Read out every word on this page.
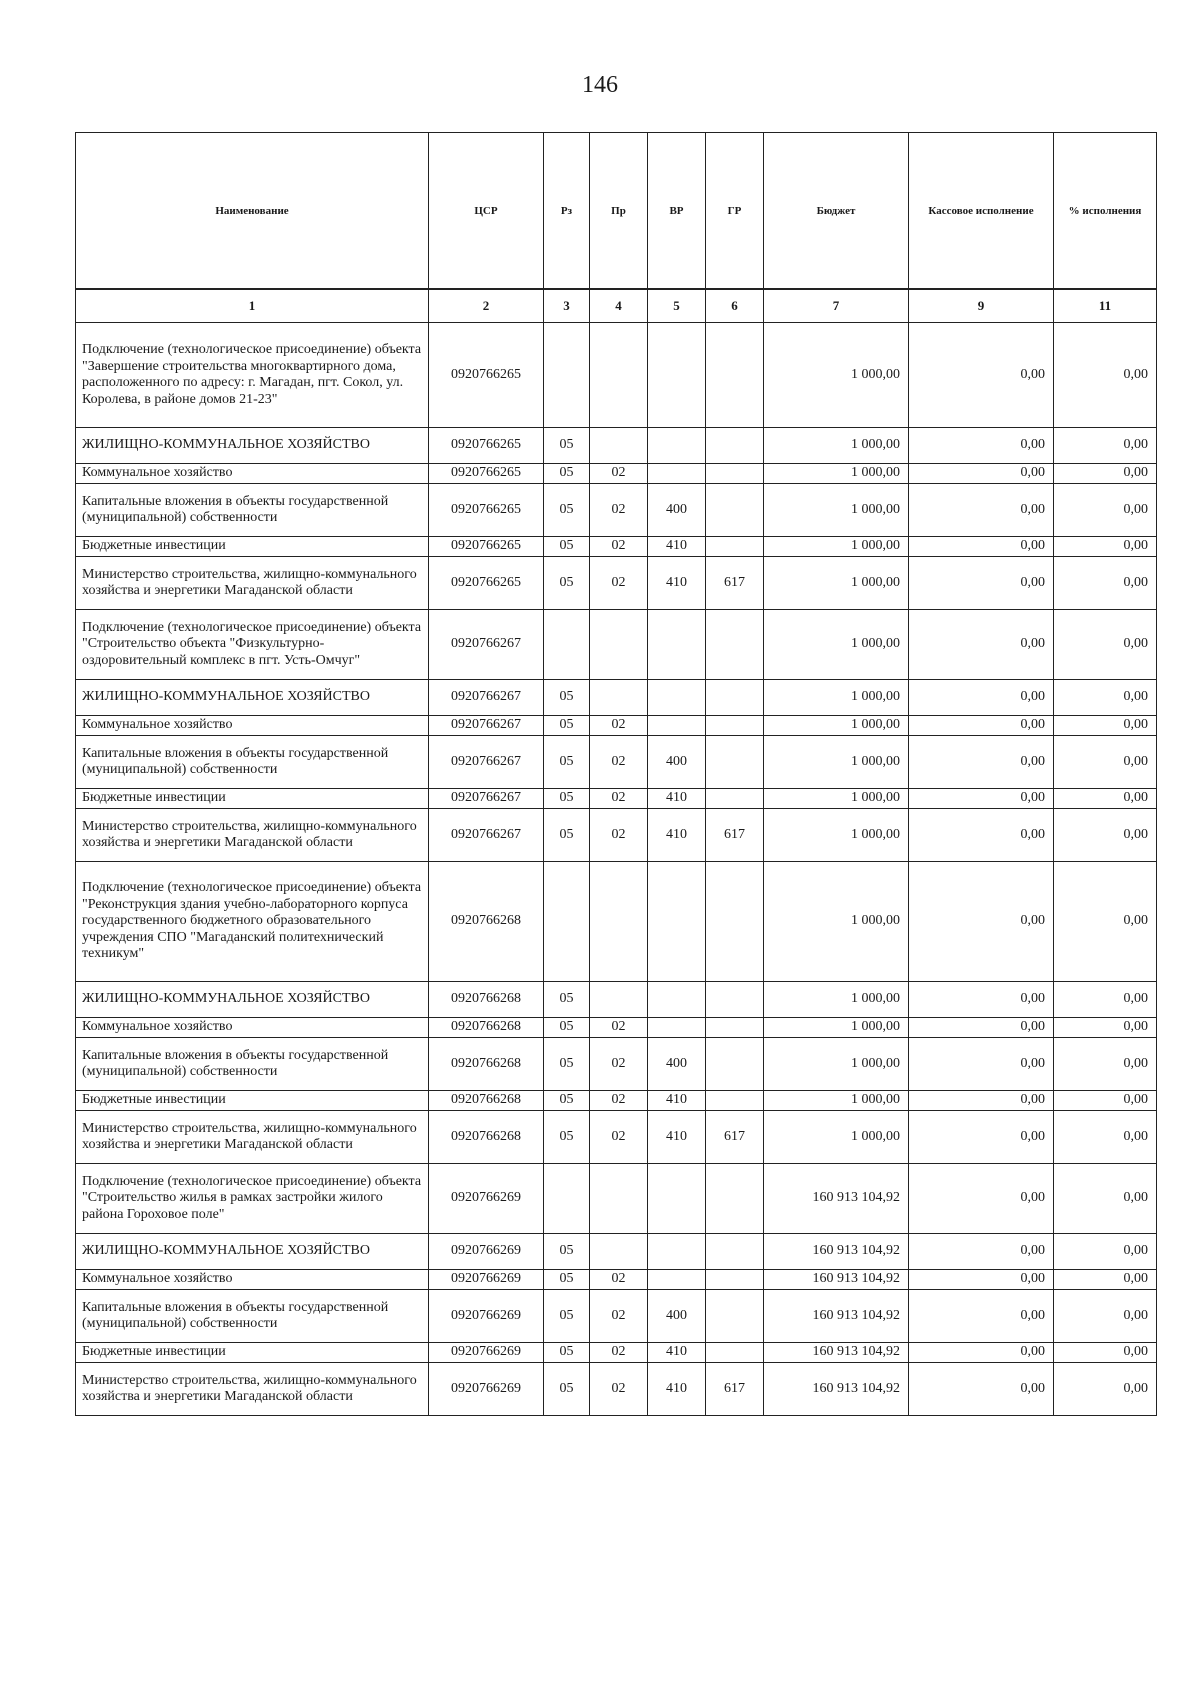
146
Наименование	ЦСР	Рз	Пр	ВР	ГР	Бюджет	Кассовое исполнение	% исполнения
1	2	3	4	5	6	7	9	11
Подключение (технологическое присоединение) объекта "Завершение строительства многоквартирного дома, расположенного по адресу: г. Магадан, пгт. Сокол, ул. Королева, в районе домов 21-23"	0920766265					1 000,00	0,00	0,00
ЖИЛИЩНО-КОММУНАЛЬНОЕ ХОЗЯЙСТВО	0920766265	05				1 000,00	0,00	0,00
Коммунальное хозяйство	0920766265	05	02			1 000,00	0,00	0,00
Капитальные вложения в объекты государственной (муниципальной) собственности	0920766265	05	02	400		1 000,00	0,00	0,00
Бюджетные инвестиции	0920766265	05	02	410		1 000,00	0,00	0,00
Министерство строительства, жилищно-коммунального хозяйства и энергетики Магаданской области	0920766265	05	02	410	617	1 000,00	0,00	0,00
Подключение (технологическое присоединение) объекта "Строительство объекта "Физкультурно-оздоровительный комплекс в пгт. Усть-Омчуг"	0920766267					1 000,00	0,00	0,00
ЖИЛИЩНО-КОММУНАЛЬНОЕ ХОЗЯЙСТВО	0920766267	05				1 000,00	0,00	0,00
Коммунальное хозяйство	0920766267	05	02			1 000,00	0,00	0,00
Капитальные вложения в объекты государственной (муниципальной) собственности	0920766267	05	02	400		1 000,00	0,00	0,00
Бюджетные инвестиции	0920766267	05	02	410		1 000,00	0,00	0,00
Министерство строительства, жилищно-коммунального хозяйства и энергетики Магаданской области	0920766267	05	02	410	617	1 000,00	0,00	0,00
Подключение (технологическое присоединение) объекта "Реконструкция здания учебно-лабораторного корпуса государственного бюджетного образовательного учреждения СПО "Магаданский политехнический техникум"	0920766268					1 000,00	0,00	0,00
ЖИЛИЩНО-КОММУНАЛЬНОЕ ХОЗЯЙСТВО	0920766268	05				1 000,00	0,00	0,00
Коммунальное хозяйство	0920766268	05	02			1 000,00	0,00	0,00
Капитальные вложения в объекты государственной (муниципальной) собственности	0920766268	05	02	400		1 000,00	0,00	0,00
Бюджетные инвестиции	0920766268	05	02	410		1 000,00	0,00	0,00
Министерство строительства, жилищно-коммунального хозяйства и энергетики Магаданской области	0920766268	05	02	410	617	1 000,00	0,00	0,00
Подключение (технологическое присоединение) объекта "Строительство жилья в рамках застройки жилого района Гороховое поле"	0920766269					160 913 104,92	0,00	0,00
ЖИЛИЩНО-КОММУНАЛЬНОЕ ХОЗЯЙСТВО	0920766269	05				160 913 104,92	0,00	0,00
Коммунальное хозяйство	0920766269	05	02			160 913 104,92	0,00	0,00
Капитальные вложения в объекты государственной (муниципальной) собственности	0920766269	05	02	400		160 913 104,92	0,00	0,00
Бюджетные инвестиции	0920766269	05	02	410		160 913 104,92	0,00	0,00
Министерство строительства, жилищно-коммунального хозяйства и энергетики Магаданской области	0920766269	05	02	410	617	160 913 104,92	0,00	0,00
